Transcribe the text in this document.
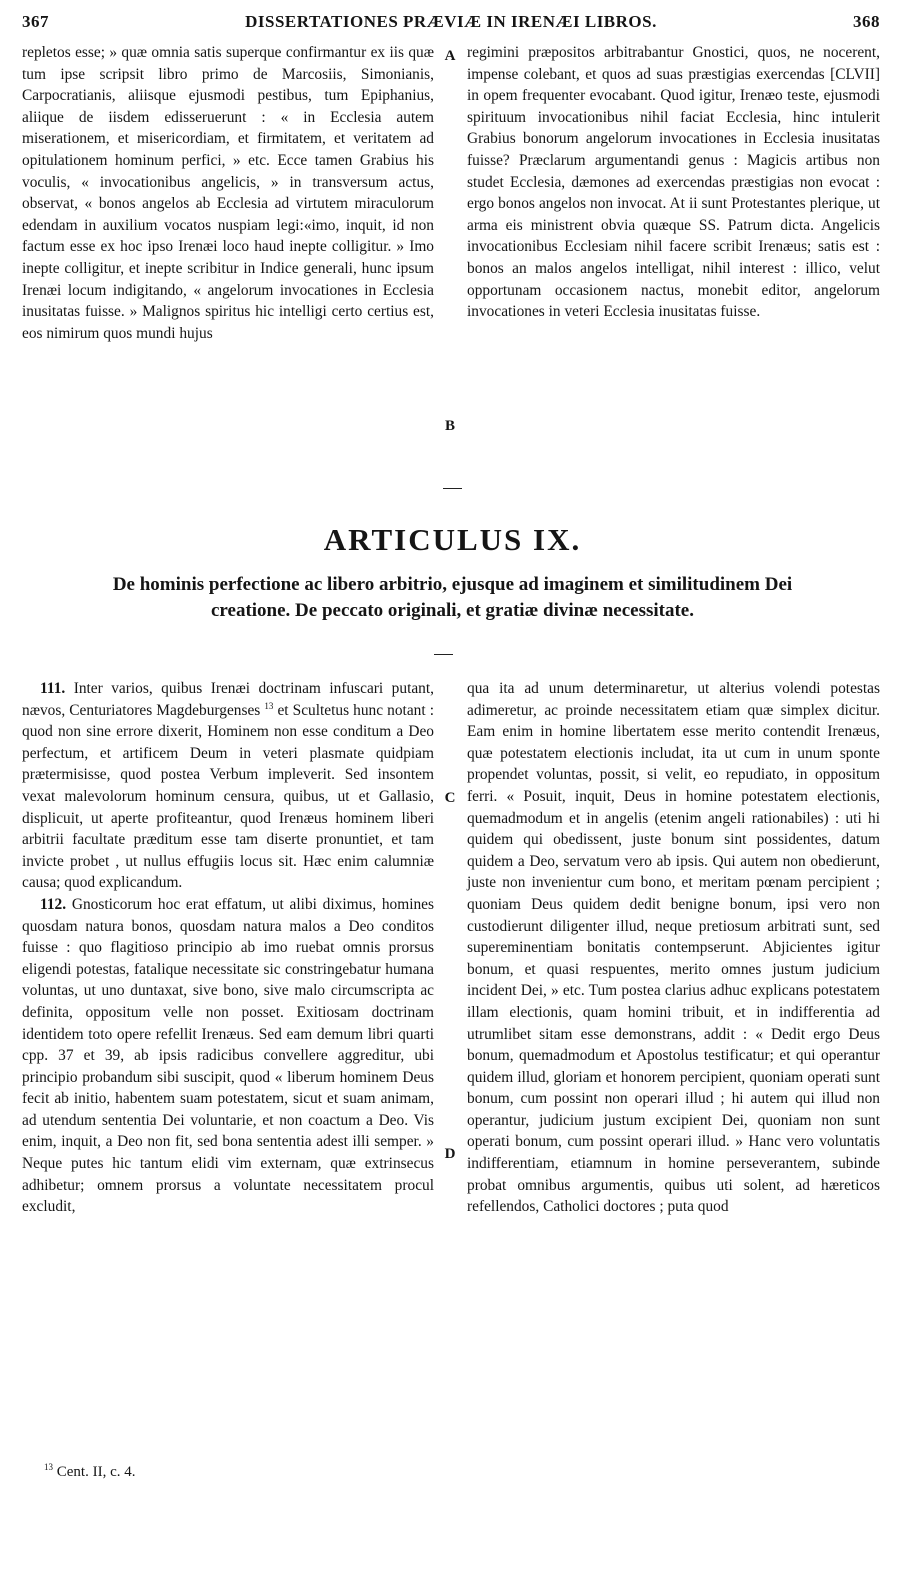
367	DISSERTATIONES PRÆVIÆ IN IRENÆI LIBROS.	368

repletos esse; » quæ omnia satis superque confirmantur ex iis quæ tum ipse scripsit libro primo de Marcosiis, Simonianis, Carpocratianis, aliisque ejusmodi pestibus, tum Epiphanius, aliique de iisdem edisseruerunt : « in Ecclesia autem miserationem, et misericordiam, et firmitatem, et veritatem ad opitulationem hominum perfici, » etc. Ecce tamen Grabius his voculis, « invocationibus angelicis, » in transversum actus, observat, « bonos angelos ab Ecclesia ad virtutem miraculorum edendam in auxilium vocatos nuspiam legi:«imo, inquit, id non factum esse ex hoc ipso Irenæi loco haud inepte colligitur. » Imo inepte colligitur, et inepte scribitur in Indice generali, hunc ipsum Irenæi locum indigitando, « angelorum invocationes in Ecclesia inusitatas fuisse. » Malignos spiritus hic intelligi certo certius est, eos nimirum quos mundi hujus

regimini præpositos arbitrabantur Gnostici, quos, ne nocerent, impense colebant, et quos ad suas præstigias exercendas [CLVII] in opem frequenter evocabant. Quod igitur, Irenæo teste, ejusmodi spirituum invocationibus nihil faciat Ecclesia, hinc intulerit Grabius bonorum angelorum invocationes in Ecclesia inusitatas fuisse? Præclarum argumentandi genus : Magicis artibus non studet Ecclesia, dæmones ad exercendas præstigias non evocat : ergo bonos angelos non invocat. At ii sunt Protestantes plerique, ut arma eis ministrent obvia quæque SS. Patrum dicta. Angelicis invocationibus Ecclesiam nihil facere scribit Irenæus; satis est : bonos an malos angelos intelligat, nihil interest : illico, velut opportunam occasionem nactus, monebit editor, angelorum invocationes in veteri Ecclesia inusitatas fuisse.

A
B
C
D
ARTICULUS IX.
De hominis perfectione ac libero arbitrio, ejusque ad imaginem et similitudinem Dei
creatione. De peccato originali, et gratiæ divinæ necessitate.

111. Inter varios, quibus Irenæi doctrinam infuscari putant, nævos, Centuriatores Magdeburgenses $^{13}$ et Scultetus hunc notant : quod non sine errore dixerit, Hominem non esse conditum a Deo perfectum, et artificem Deum in veteri plasmate quidpiam prætermisisse, quod postea Verbum impleverit. Sed insontem vexat malevolorum hominum censura, quibus, ut et Gallasio, displicuit, ut aperte profiteantur, quod Irenæus hominem liberi arbitrii facultate præditum esse tam diserte pronuntiet, et tam invicte probet , ut nullus effugiis locus sit. Hæc enim calumniæ causa; quod explicandum.

112. Gnosticorum hoc erat effatum, ut alibi diximus, homines quosdam natura bonos, quosdam natura malos a Deo conditos fuisse : quo flagitioso principio ab imo ruebat omnis prorsus eligendi potestas, fatalique necessitate sic constringebatur humana voluntas, ut uno duntaxat, sive bono, sive malo circumscripta ac definita, oppositum velle non posset. Exitiosam doctrinam identidem toto opere refellit Irenæus. Sed eam demum libri quarti cpp. 37 et 39, ab ipsis radicibus convellere aggreditur, ubi principio probandum sibi suscipit, quod « liberum hominem Deus fecit ab initio, habentem suam potestatem, sicut et suam animam, ad utendum sententia Dei voluntarie, et non coactum a Deo. Vis enim, inquit, a Deo non fit, sed bona sententia adest illi semper. » Neque putes hic tantum elidi vim externam, quæ extrinsecus adhibetur; omnem prorsus a voluntate necessitatem procul excludit,

qua ita ad unum determinaretur, ut alterius volendi potestas adimeretur, ac proinde necessitatem etiam quæ simplex dicitur. Eam enim in homine libertatem esse merito contendit Irenæus, quæ potestatem electionis includat, ita ut cum in unum sponte propendet voluntas, possit, si velit, eo repudiato, in oppositum ferri. « Posuit, inquit, Deus in homine potestatem electionis, quemadmodum et in angelis (etenim angeli rationabiles) : uti hi quidem qui obedissent, juste bonum sint possidentes, datum quidem a Deo, servatum vero ab ipsis. Qui autem non obedierunt, juste non invenientur cum bono, et meritam pœnam percipient ; quoniam Deus quidem dedit benigne bonum, ipsi vero non custodierunt diligenter illud, neque pretiosum arbitrati sunt, sed supereminentiam bonitatis contempserunt. Abjicientes igitur bonum, et quasi respuentes, merito omnes justum judicium incident Dei, » etc. Tum postea clarius adhuc explicans potestatem illam electionis, quam homini tribuit, et in indifferentia ad utrumlibet sitam esse demonstrans, addit : « Dedit ergo Deus bonum, quemadmodum et Apostolus testificatur; et qui operantur quidem illud, gloriam et honorem percipient, quoniam operati sunt bonum, cum possint non operari illud ; hi autem qui illud non operantur, judicium justum excipient Dei, quoniam non sunt operati bonum, cum possint operari illud. » Hanc vero voluntatis indifferentiam, etiamnum in homine perseverantem, subinde probat omnibus argumentis, quibus uti solent, ad hæreticos refellendos, Catholici doctores ; puta quod

$^{13}$ Cent. II, c. 4.
